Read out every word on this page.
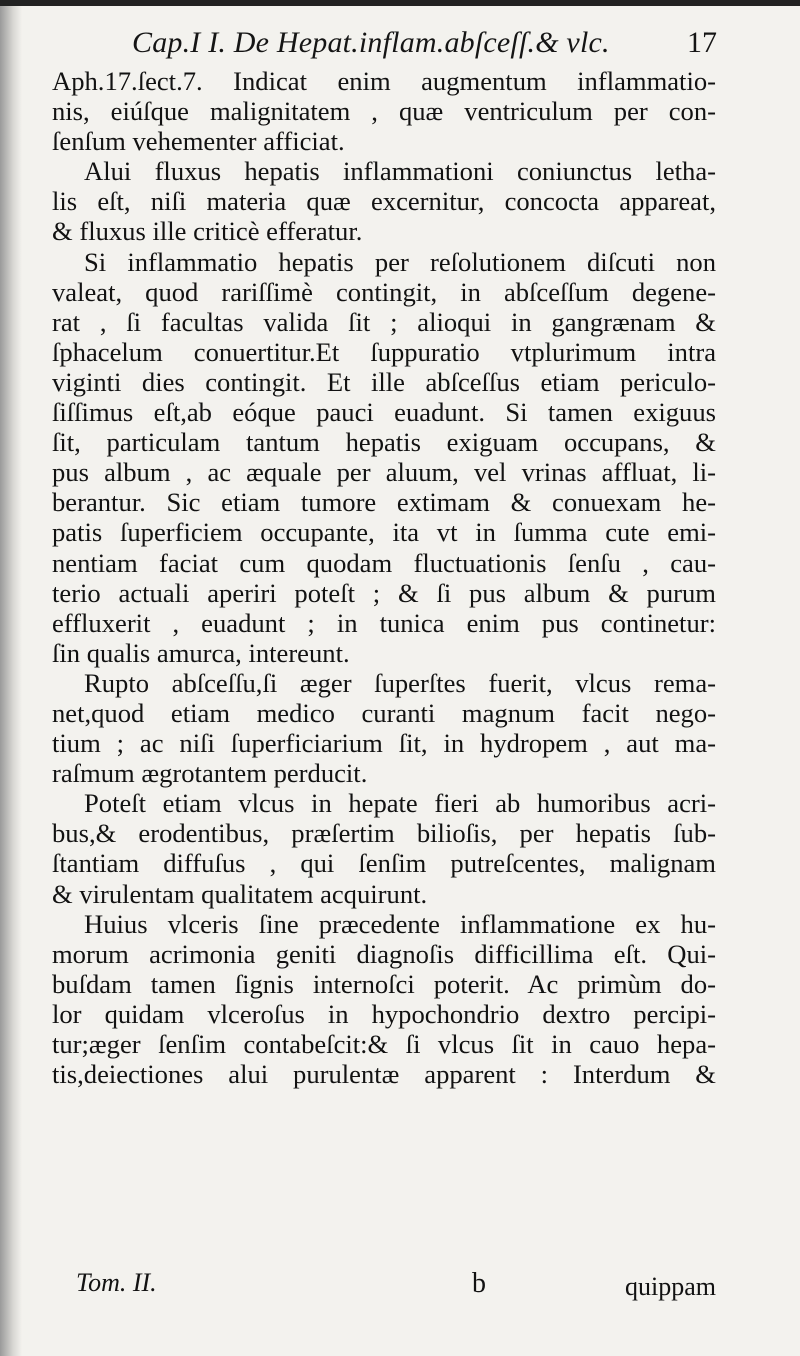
Cap.I I. De Hepat.inflam.abſceſſ.& vlc.	17
Aph.17.ſect.7. Indicat enim augmentum inflammatio-
nis, eiúſque malignitatem , quæ ventriculum per con-
ſenſum vehementer afficiat.
Alui fluxus hepatis inflammationi coniunctus letha-
lis eſt, niſi materia quæ excernitur, concocta appareat,
& fluxus ille criticè efferatur.
Si inflammatio hepatis per reſolutionem diſcuti non
valeat, quod rariſſimè contingit, in abſceſſum degene-
rat , ſi facultas valida ſit ; alioqui in gangrænam &
ſphacelum conuertitur.Et ſuppuratio vtplurimum intra
viginti dies contingit. Et ille abſceſſus etiam periculo-
ſiſſimus eſt,ab eóque pauci euadunt. Si tamen exiguus
ſit, particulam tantum hepatis exiguam occupans, &
pus album , ac æquale per aluum, vel vrinas affluat, li-
berantur. Sic etiam tumore extimam & conuexam he-
patis ſuperficiem occupante, ita vt in ſumma cute emi-
nentiam faciat cum quodam fluctuationis ſenſu , cau-
terio actuali aperiri poteſt ; & ſi pus album & purum
effluxerit , euadunt ; in tunica enim pus continetur:
ſin qualis amurca, intereunt.
Rupto abſceſſu,ſi æger ſuperſtes fuerit, vlcus rema-
net,quod etiam medico curanti magnum facit nego-
tium ; ac niſi ſuperficiarium ſit, in hydropem , aut ma-
raſmum ægrotantem perducit.
Poteſt etiam vlcus in hepate fieri ab humoribus acri-
bus,& erodentibus, præſertim bilioſis, per hepatis ſub-
ſtantiam diffuſus , qui ſenſim putreſcentes, malignam
& virulentam qualitatem acquirunt.
Huius vlceris ſine præcedente inflammatione ex hu-
morum acrimonia geniti diagnoſis difficillima eſt. Qui-
buſdam tamen ſignis internoſci poterit. Ac primùm do-
lor quidam vlceroſus in hypochondrio dextro percipi-
tur;æger ſenſim contabeſcit:& ſi vlcus ſit in cauo hepa-
tis,deiectiones alui purulentæ apparent : Interdum &
Tom. II.	b	quippam
